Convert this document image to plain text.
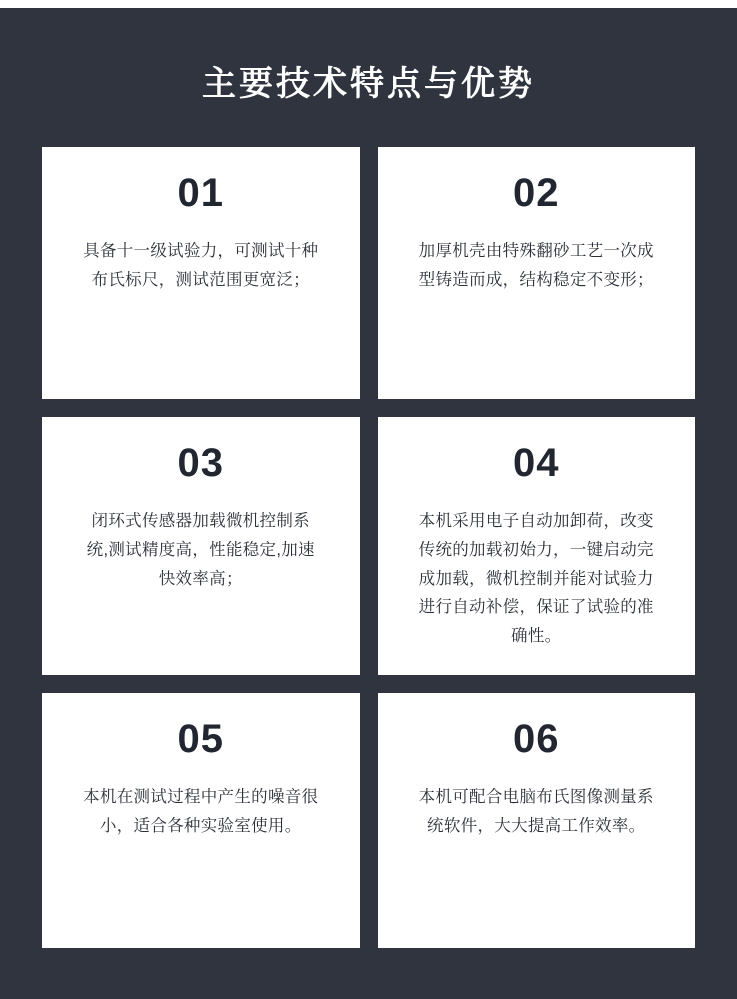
主要技术特点与优势
01
具备十一级试验力，可测试十种布氏标尺，测试范围更宽泛；
02
加厚机壳由特殊翻砂工艺一次成型铸造而成，结构稳定不变形；
03
闭环式传感器加载微机控制系统,测试精度高，性能稳定,加速快效率高；
04
本机采用电子自动加卸荷，改变传统的加载初始力，一键启动完成加载，微机控制并能对试验力进行自动补偿，保证了试验的准确性。
05
本机在测试过程中产生的噪音很小，适合各种实验室使用。
06
本机可配合电脑布氏图像测量系统软件，大大提高工作效率。
